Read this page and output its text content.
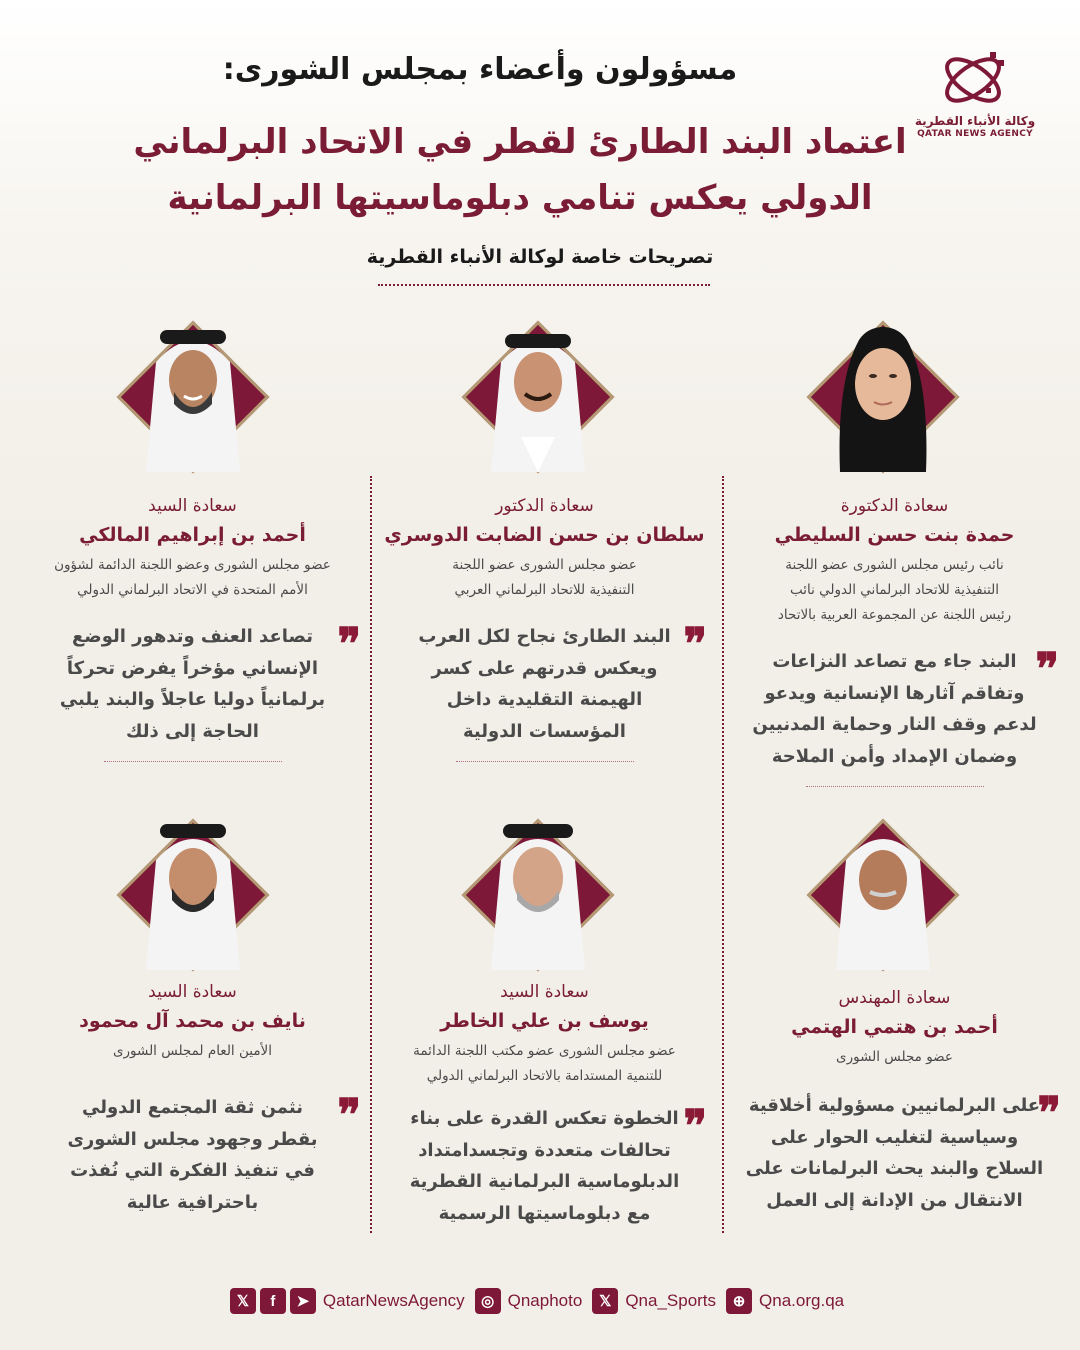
وكالة الأنباء القطرية
QATAR NEWS AGENCY
مسؤولون وأعضاء بمجلس الشورى:
اعتماد البند الطارئ لقطر في الاتحاد البرلماني
الدولي يعكس تنامي دبلوماسيتها البرلمانية
تصريحات خاصة لوكالة الأنباء القطرية
سعادة الدكتورة
حمدة بنت حسن السليطي
نائب رئيس مجلس الشورى عضو اللجنة
التنفيذية للاتحاد البرلماني الدولي نائب
رئيس اللجنة عن المجموعة العربية بالاتحاد
❞
البند جاء مع تصاعد النزاعات
وتفاقم آثارها الإنسانية ويدعو
لدعم وقف النار وحماية المدنيين
وضمان الإمداد وأمن الملاحة
سعادة الدكتور
سلطان بن حسن الضابت الدوسري
عضو مجلس الشورى عضو اللجنة
التنفيذية للاتحاد البرلماني العربي
❞
البند الطارئ نجاح لكل العرب
ويعكس قدرتهم على كسر
الهيمنة التقليدية داخل
المؤسسات الدولية
سعادة السيد
أحمد بن إبراهيم المالكي
عضو مجلس الشورى وعضو اللجنة الدائمة لشؤون
الأمم المتحدة في الاتحاد البرلماني الدولي
❞
تصاعد العنف وتدهور الوضع
الإنساني مؤخراً يفرض تحركاً
برلمانياً دوليا عاجلاً والبند يلبي
الحاجة إلى ذلك
سعادة المهندس
أحمد بن هتمي الهتمي
عضو مجلس الشورى
❞
على البرلمانيين مسؤولية أخلاقية
وسياسية لتغليب الحوار على
السلاح والبند يحث البرلمانات على
الانتقال من الإدانة إلى العمل
سعادة السيد
يوسف بن علي الخاطر
عضو مجلس الشورى عضو مكتب اللجنة الدائمة
للتنمية المستدامة بالاتحاد البرلماني الدولي
❞
الخطوة تعكس القدرة على بناء
تحالفات متعددة وتجسدامتداد
الدبلوماسية البرلمانية القطرية
مع دبلوماسيتها الرسمية
سعادة السيد
نايف بن محمد آل محمود
الأمين العام لمجلس الشورى
❞
نثمن ثقة المجتمع الدولي
بقطر وجهود مجلس الشورى
في تنفيذ الفكرة التي نُفذت
باحترافية عالية
𝕏	f	➤ QatarNewsAgency	◎ Qnaphoto	𝕏 Qna_Sports	⊕ Qna.org.qa
